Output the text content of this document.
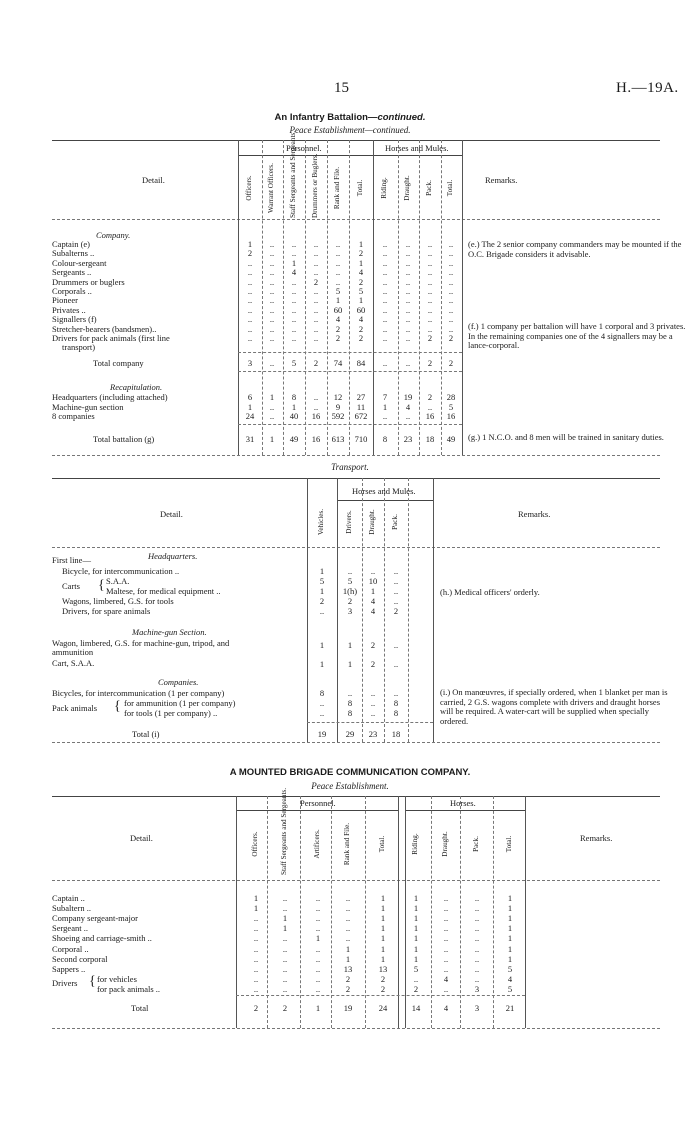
15	H.—19A.
An Infantry Battalion—continued.
Peace Establishment—continued.
Detail.	Remarks.
Personnel.	Horses and Mules.
Officers. Warrant Officers. Staff Sergeants and Sergeants. Drummers or Buglers. Rank and File. Total. Riding. Draught. Pack. Total.
Company.
Captain (e)	1	..	..	..	..	1	..	..	..	..
Subalterns ..	2	..	..	..	..	2	..	..	..	..
Colour-sergeant	..	..	1	..	..	1	..	..	..	..
Sergeants ..	..	..	4	..	..	4	..	..	..	..
Drummers or buglers	..	..	..	2	..	2	..	..	..	..
Corporals ..	..	..	..	..	5	5	..	..	..	..
Pioneer	..	..	..	..	1	1	..	..	..	..
Privates ..	..	..	..	..	60	60	..	..	..	..
Signallers (f)	..	..	..	..	4	4	..	..	..	..
Stretcher-bearers (bandsmen)..	..	..	..	..	2	2	..	..	..	..
Drivers for pack animals (first line	..	..	..	..	2	2	..	..	2	2
transport)
Total company	3	..	5	2	74	84	..	..	2	2
Recapitulation.
Headquarters (including attached)	6	1	8	..	12	27	7	19	2	28
Machine-gun section	1	..	1	..	9	11	1	4	..	5
8 companies	24	..	40	16	592	672	..	..	16	16
Total battalion (g)	31	1	49	16	613	710	8	23	18	49
(e.) The 2 senior company commanders may be mounted if the O.C. Brigade considers it advisable.
(f.) 1 company per battalion will have 1 corporal and 3 privates. In the remaining companies one of the 4 signallers may be a lance-corporal.
(g.) 1 N.C.O. and 8 men will be trained in sanitary duties.
Transport.
Detail.	Remarks.
Horses and Mules.
Vehicles.	Drivers. Draught. Pack.
First line—	Headquarters.
Bicycle, for intercommunication ..	1	..	..	..
S.A.A.	5	5	10	..
Maltese, for medical equipment ..	1	1(h)	1	..
Wagons, limbered, G.S. for tools	2	2	4	..
Drivers, for spare animals	..	3	4	2
Carts {	(h.) Medical officers' orderly.
Machine-gun Section.
Wagon, limbered, G.S. for machine-gun, tripod, and
ammunition
1	1	2	..
Cart, S.A.A.	1	1	2	..
Companies.
Bicycles, for intercommunication (1 per company)	8	..	..	..
Pack animals { for ammunition (1 per company)	..	8	..	8
for tools (1 per company) ..	..	8	..	8
Total (i)	19	29	23	18
(i.) On manœuvres, if specially ordered, when 1 blanket per man is carried, 2 G.S. wagons complete with drivers and draught horses will be required. A water-cart will be supplied when specially ordered.
A MOUNTED BRIGADE COMMUNICATION COMPANY.
Peace Establishment.
Detail.	Remarks.
Personnel.	Horses.
Officers.	Staff Sergeants and Sergeants.	Artificers.	Rank and File.	Total.	Riding.	Draught.	Pack.	Total.
Captain ..	1	..	..	..	1	1	..	..	1
Subaltern ..	1	..	..	..	1	1	..	..	1
Company sergeant-major	..	1	..	..	1	1	..	..	1
Sergeant ..	..	1	..	..	1	1	..	..	1
Shoeing and carriage-smith ..	..	..	1	..	1	1	..	..	1
Corporal ..	..	..	..	1	1	1	..	..	1
Second corporal	..	..	..	1	1	1	..	..	1
Sappers ..	..	..	..	13	13	5	..	..	5
for vehicles	..	..	..	2	2	..	4	..	4
for pack animals ..	..	..	..	2	2	2	..	3	5
Drivers {
Total	2	2	1	19	24	14	4	3	21
